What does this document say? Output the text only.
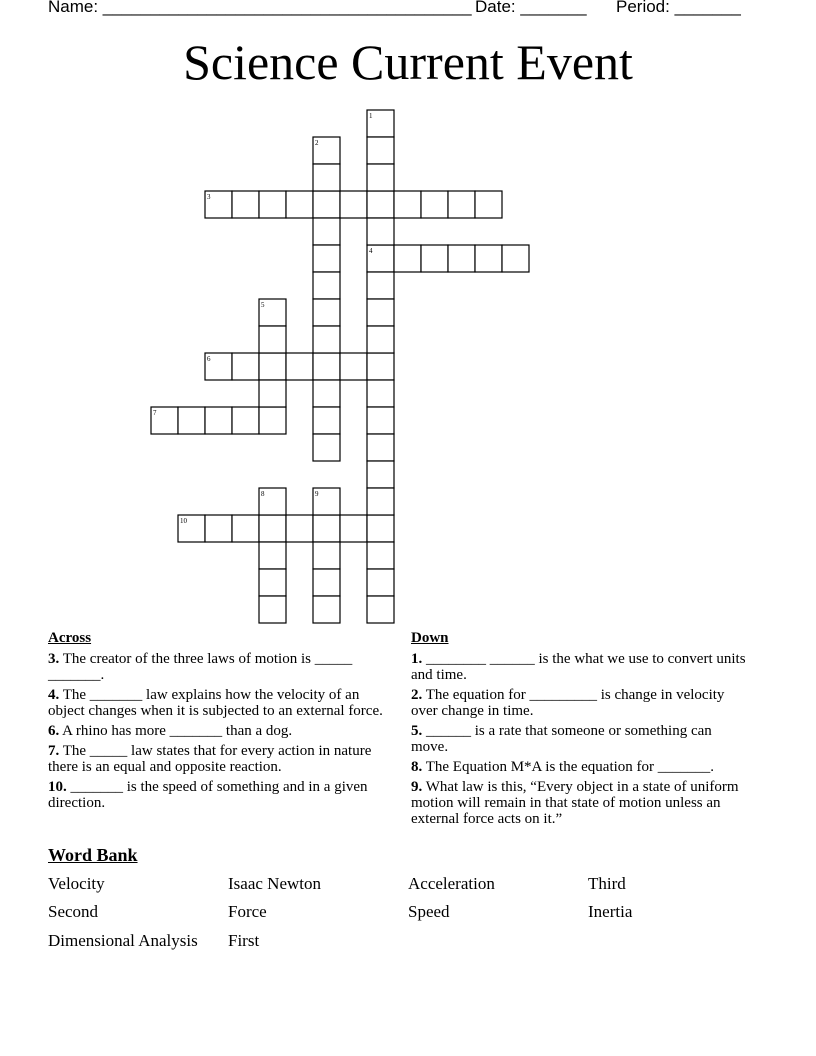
Name: _______________________________________

Date: _______

Period: _______

Science Current Event
3
4
6
7
10
1
2
5
8	9
Across
3. The creator of the three laws of motion is _____ _______.
4. The _______ law explains how the velocity of an object changes when it is subjected to an external force.
6. A rhino has more _______ than a dog.
7. The _____ law states that for every action in nature there is an equal and opposite reaction.
10. _______ is the speed of something and in a given direction.
Down
1. ________ ______ is the what we use to convert units and time.
2. The equation for _________ is change in velocity over change in time.
5. ______ is a rate that someone or something can move.
8. The Equation M*A is the equation for _______.
9. What law is this, “Every object in a state of uniform motion will remain in that state of motion unless an external force acts on it.”
Word Bank
Velocity	Isaac Newton	Acceleration	Third
Second	Force	Speed	Inertia
Dimensional Analysis First
